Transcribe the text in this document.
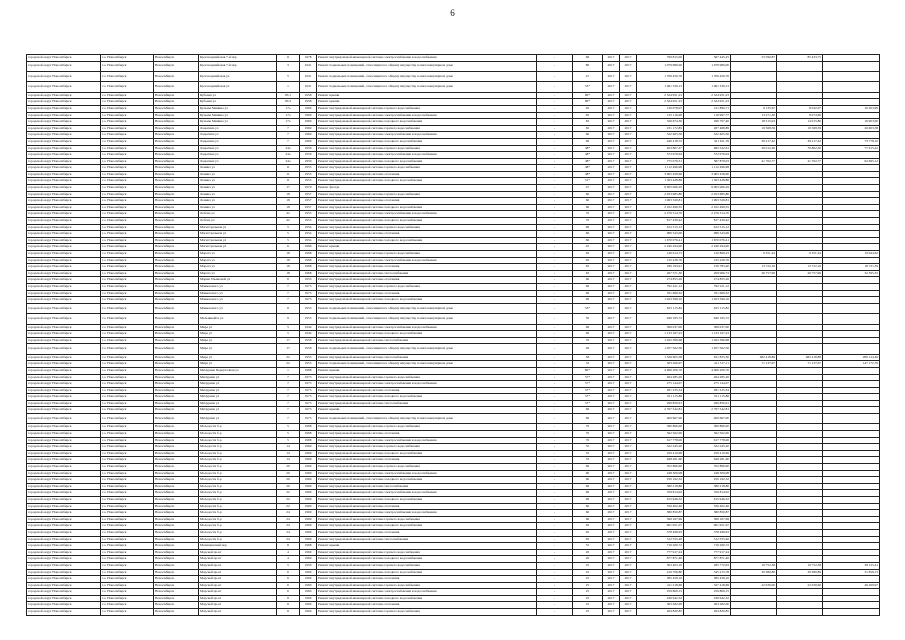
6
городской округ Новосибирск	г.о. Новосибирск	Новосибирск	Красноармейская 7-й пер	11	1978	Ремонт внутридомовой инженерной системы электроснабжения и водоснабжения	-	60	2017	2017	799 815,00	567 445,25	53 590,87	85 433,75	
городской округ Новосибирск	г.о. Новосибирск	Новосибирск	Красноармейская 7-й пер	3	1941	Ремонт подвальных помещений, относящихся к общему имуществу в многоквартирном доме	-	80	2017	2017	1 079 980,00	1 079 980,00			
городской округ Новосибирск	г.о. Новосибирск	Новосибирск	Красноармейская ул	5	1941	Ремонт подвальных помещений, относящихся к общему имуществу в многоквартирном доме	-	47	2017	2017	1 706 456,76	1 706 456,76			
городской округ Новосибирск	г.о. Новосибирск	Новосибирск	Красноармейская ул	1	1941	Ремонт подвальных помещений, относящихся к общему имуществу в многоквартирном доме	-	53*	2017	2017	1 061 339,13	1 061 339,13			
городской округ Новосибирск	г.о. Новосибирск	Новосибирск	Кубовая ул	95/1	1958	Ремонт крыши	-	80*	2017	2017	2 524 951,23	2 524 951,23			
городской округ Новосибирск	г.о. Новосибирск	Новосибирск	Кубовая ул	95/2	1958	Ремонт крыши	-	80*	2017	2017	2 524 951,23	2 524 951,23			
городской округ Новосибирск	г.о. Новосибирск	Новосибирск	Кузьмы Минина ул	17а	1960	Ремонт внутридомовой инженерной системы горячего водоснабжения	-	65	2017	2017	130 078,07	121 890,71	9 135,67	8 032,07	16 303,99
городской округ Новосибирск	г.о. Новосибирск	Новосибирск	Кузьмы Минина ул	17а	1960	Ремонт внутридомовой инженерной системы электроснабжения и водоснабжения	-	65	2017	2017	135 116,96	116 997,77	13 271,30	8 074,69	
городской округ Новосибирск	г.о. Новосибирск	Новосибирск	Кузьмы Минина ул	17а	1960	Ремонт внутридомовой инженерной системы холодного водоснабжения	-	65	2017	2017	326 674,30	296 707,40	18 515,04	14 915,80	16 903,00
городской округ Новосибирск	г.о. Новосибирск	Новосибирск	Ладыгина ул	7	1960	Ремонт внутридомовой инженерной системы горячего водоснабжения	-	65	2017	2017	231 172,85	207 468,89	19 568,59	19 568,59	26 603,38
городской округ Новосибирск	г.о. Новосибирск	Новосибирск	Ладыгина ул	7	1960	Ремонт внутридомовой инженерной системы электроснабжения и водоснабжения	-	60	2017	2017	522 405,56	522 405,56			
городской округ Новосибирск	г.о. Новосибирск	Новосибирск	Ладыгина ул	7	1960	Ремонт внутридомовой инженерной системы холодного водоснабжения	-	60	2017	2017	446 418,72	321 611,76	39 217,42	39 217,42	73 778,10
городской округ Новосибирск	г.о. Новосибирск	Новосибирск	Ладыгина ул	24а	1959	Ремонт внутридомовой инженерной системы горячего водоснабжения	-	48*	2017	2017	623 807,27	482 522,61	26 012,26	76 862,30	77 615,42
городской округ Новосибирск	г.о. Новосибирск	Новосибирск	Ладыгина ул	24а	1959	Ремонт внутридомовой инженерной системы электроснабжения и водоснабжения	-	48*	2017	2017	572 979,04	572 979,04			
городской округ Новосибирск	г.о. Новосибирск	Новосибирск	Ладыгина ул	24а	1959	Ремонт внутридомовой инженерной системы холодного водоснабжения	-	48*	2017	2017	775 079,31	587 879,03	41 762,77	41 762,77	62 695,12
городской округ Новосибирск	г.о. Новосибирск	Новосибирск	Ленина ул	11	1955	Ремонт внутридомовой инженерной системы горячего водоснабжения	-	48*	2017	2017	1 112 496,98	1 112 496,98			
городской округ Новосибирск	г.о. Новосибирск	Новосибирск	Ленина ул	11	1955	Ремонт внутридомовой инженерной системы отопления	-	48*	2017	2017	3 905 458,60	3 905 458,60			
городской округ Новосибирск	г.о. Новосибирск	Новосибирск	Ленина ул	11	1955	Ремонт внутридомовой инженерной системы холодного водоснабжения	-	51*	2017	2017	1 363 428,86	1 363 428,86			
городской округ Новосибирск	г.о. Новосибирск	Новосибирск	Ленина ул	17	1970	Ремонт фасада	-	47	2017	2017	9 005 066,29	9 005 066,29			
городской округ Новосибирск	г.о. Новосибирск	Новосибирск	Ленина ул	18	1957	Ремонт внутридомовой инженерной системы горячего водоснабжения	-	60	2017	2017	2 453 685,80	2 453 685,80			
городской округ Новосибирск	г.о. Новосибирск	Новосибирск	Ленина ул	18	1957	Ремонт внутридомовой инженерной системы отопления	-	60	2017	2017	1 963 529,81	1 963 529,81			
городской округ Новосибирск	г.о. Новосибирск	Новосибирск	Ленина ул	18	1957	Ремонт внутридомовой инженерной системы холодного водоснабжения	-	60	2017	2017	2 102 499,35	2 102 499,35			
городской округ Новосибирск	г.о. Новосибирск	Новосибирск	Лобова ул	42	1955	Ремонт внутридомовой инженерной системы электроснабжения и водоснабжения	-	70	2017	2017	2 276 314,70	2 276 314,70			
городской округ Новосибирск	г.о. Новосибирск	Новосибирск	Лобова ул	42	1955	Ремонт внутридомовой инженерной системы холодного водоснабжения	-	70	2017	2017	817 439,42	817 439,42			
городской округ Новосибирск	г.о. Новосибирск	Новосибирск	Магистральная ул	5	1954	Ремонт внутридомовой инженерной системы горячего водоснабжения	-	60	2017	2017	612 515,12	612 515,12			
городской округ Новосибирск	г.о. Новосибирск	Новосибирск	Магистральная ул	5	1954	Ремонт внутридомовой инженерной системы отопления	-	60	2017	2017	986 543,06	986 543,06			
городской округ Новосибирск	г.о. Новосибирск	Новосибирск	Магистральная ул	5	1954	Ремонт внутридомовой инженерной системы холодного водоснабжения	-	60	2017	2017	1 670 076,41	1 670 076,41			
городской округ Новосибирск	г.о. Новосибирск	Новосибирск	Магистральная ул	6	1966	Ремонт крыши	-	45	2017	2017	2 240 294,00	2 240 294,00			
городской округ Новосибирск	г.о. Новосибирск	Новосибирск	Марата ул	18	1968	Ремонт внутридомовой инженерной системы горячего водоснабжения	-	65	2017	2017	140 614,73	120 869,23	9 351,24	9 351,24	19 644,62
городской округ Новосибирск	г.о. Новосибирск	Новосибирск	Марата ул	18	1968	Ремонт внутридомовой инженерной системы электроснабжения и водоснабжения	-	65	2017	2017	145 226,76	145 226,76			
городской округ Новосибирск	г.о. Новосибирск	Новосибирск	Марата ул	18	1968	Ремонт внутридомовой инженерной системы отопления	-	65	2017	2017	186 193,91	156 783,40	13 722,16	13 722,16	18 731,39
городской округ Новосибирск	г.о. Новосибирск	Новосибирск	Марата ул	18	1968	Ремонт внутридомовой инженерной системы теплоснабжения	-	65	2017	2017	267 571,30	209 966,73	26 757,99	26 757,99	32 395,35
городской округ Новосибирск	г.о. Новосибирск	Новосибирск	Марии Ульяновой ул	6	1953	Ремонт внутридомовой инженерной системы отопления	-	60	2017	2017	274 855,26	274 855,26			
городской округ Новосибирск	г.о. Новосибирск	Новосибирск	Маяковского ул	7	1973	Ремонт внутридомовой инженерной системы горячего водоснабжения	-	60	2017	2017	792 221,12	792 221,12			
городской округ Новосибирск	г.о. Новосибирск	Новосибирск	Маяковского ул	7	1973	Ремонт внутридомовой инженерной системы отопления	-	60	2017	2017	761 669,32	761 669,32			
городской округ Новосибирск	г.о. Новосибирск	Новосибирск	Маяковского ул	7	1973	Ремонт внутридомовой инженерной системы холодного водоснабжения	-	60	2017	2017	1 023 599,16	1 023 599,16			
городской округ Новосибирск	г.о. Новосибирск	Новосибирск	Маяковского ул	8	1953	Ремонт подвальных помещений, относящихся к общему имуществу в многоквартирном доме	-	53*	2017	2017	815 115,82	815 115,82			
городской округ Новосибирск	г.о. Новосибирск	Новосибирск	Мельникайте ул	9	1955	Ремонт подвальных помещений, относящихся к общему имуществу в многоквартирном доме	-	50	2017	2017	940 165,72	940 165,72			
городской округ Новосибирск	г.о. Новосибирск	Новосибирск	Мира ул	5	1944	Ремонт внутридомовой инженерной системы электроснабжения и водоснабжения	-	60	2017	2017	569 037,00	569 037,00			
городской округ Новосибирск	г.о. Новосибирск	Новосибирск	Мира ул	5	1944	Ремонт внутридомовой инженерной системы холодного водоснабжения	-	60	2017	2017	1 133 167,23	1 133 167,23			
городской округ Новосибирск	г.о. Новосибирск	Новосибирск	Мира ул	17	1958	Ремонт внутридомовой инженерной системы теплоснабжения	-	70	2017	2017	1 022 396,68	1 022 396,68			
городской округ Новосибирск	г.о. Новосибирск	Новосибирск	Мира ул	17	1958	Ремонт подвальных помещений, относящихся к общему имуществу в многоквартирном доме	-	46	2017	2017	1 057 562,56	1 057 562,56			
городской округ Новосибирск	г.о. Новосибирск	Новосибирск	Мира ул	22	1955	Ремонт внутридомовой инженерной системы теплоснабжения	-	56	2017	2017	1 326 605,58	811 835,30	482 418,89	482 418,89	289 124,46
городской округ Новосибирск	г.о. Новосибирск	Новосибирск	Мира ул	22	1955	Ремонт подвальных помещений, относящихся к общему имуществу в многоквартирном доме	-	32	2017	2017	563 266,97	411 517,11	71 137,07	71 137,07	147 172,79
городской округ Новосибирск	г.о. Новосибирск	Новосибирск	Мичурина Переулочная ул	1	1968	Ремонт крыши	-	80*	2017	2017	4 966 206,76	4 966 206,76			
городской округ Новосибирск	г.о. Новосибирск	Новосибирск	Мичурина ул	7	1973	Ремонт внутридомовой инженерной системы горячего водоснабжения	-	57*	2017	2017	264 285,26	264 285,26			
городской округ Новосибирск	г.о. Новосибирск	Новосибирск	Мичурина ул	7	1973	Ремонт внутридомовой инженерной системы электроснабжения и водоснабжения	-	57*	2017	2017	275 144,07	275 144,07			
городской округ Новосибирск	г.о. Новосибирск	Новосибирск	Мичурина ул	7	1973	Ремонт внутридомовой инженерной системы отопления	-	57*	2017	2017	281 235,34	281 235,34			
городской округ Новосибирск	г.о. Новосибирск	Новосибирск	Мичурина ул	7	1973	Ремонт внутридомовой инженерной системы холодного водоснабжения	-	57*	2017	2017	551 115,86	551 115,86			
городской округ Новосибирск	г.о. Новосибирск	Новосибирск	Мичурина ул	7	1973	Ремонт внутридомовой инженерной системы теплоснабжения	-	57*	2017	2017	290 850,91	290 850,91			
городской округ Новосибирск	г.о. Новосибирск	Новосибирск	Мичурина ул	7	1973	Ремонт крыши	-	60	2017	2017	2 797 542,81	2 797 542,81			
городской округ Новосибирск	г.о. Новосибирск	Новосибирск	Мичурина ул	7	1973	Ремонт подвальных помещений, относящихся к общему имуществу в многоквартирном доме	-	60	2017	2017	400 667,00	400 667,00			
городской округ Новосибирск	г.о. Новосибирск	Новосибирск	Молодости б-р	5	1968	Ремонт внутридомовой инженерной системы горячего водоснабжения	-	70	2017	2017	390 866,00	390 866,00			
городской округ Новосибирск	г.о. Новосибирск	Новосибирск	Молодости б-р	5	1968	Ремонт внутридомовой инженерной системы отопления	-	70	2017	2017	592 562,00	592 562,00			
городской округ Новосибирск	г.о. Новосибирск	Новосибирск	Молодости б-р	5	1968	Ремонт внутридомовой инженерной системы электроснабжения и водоснабжения	-	70	2017	2017	617 778,00	617 778,00			
городской округ Новосибирск	г.о. Новосибирск	Новосибирск	Молодости б-р	14	1969	Ремонт внутридомовой инженерной системы горячего водоснабжения	-	55	2017	2017	322 245,20	322 245,20			
городской округ Новосибирск	г.о. Новосибирск	Новосибирск	Молодости б-р	14	1969	Ремонт внутридомовой инженерной системы холодного водоснабжения	-	55	2017	2017	256 410,96	256 410,96			
городской округ Новосибирск	г.о. Новосибирск	Новосибирск	Молодости б-р	14	1969	Ремонт внутридомовой инженерной системы отопления	-	55	2017	2017	648 281,60	648 281,60			
городской округ Новосибирск	г.о. Новосибирск	Новосибирск	Молодости б-р	20	1969	Ремонт внутридомовой инженерной системы горячего водоснабжения	-	60	2017	2017	702 866,90	702 866,90			
городской округ Новосибирск	г.о. Новосибирск	Новосибирск	Молодости б-р	20	1969	Ремонт внутридомовой инженерной системы электроснабжения и водоснабжения	-	60	2017	2017	248 309,08	248 309,08			
городской округ Новосибирск	г.о. Новосибирск	Новосибирск	Молодости б-р	20	1969	Ремонт внутридомовой инженерной системы холодного водоснабжения	-	60	2017	2017	250 192,32	250 192,32			
городской округ Новосибирск	г.о. Новосибирск	Новосибирск	Молодости б-р	20	1969	Ремонт внутридомовой инженерной системы теплоснабжения	-	60	2017	2017	380 218,80	380 218,80			
городской округ Новосибирск	г.о. Новосибирск	Новосибирск	Молодости б-р	22	1969	Ремонт внутридомовой инженерной системы электроснабжения и водоснабжения	-	60	2017	2017	359 814,02	359 814,02			
городской округ Новосибирск	г.о. Новосибирск	Новосибирск	Молодости б-р	22	1969	Ремонт внутридомовой инженерной системы холодного водоснабжения	-	60	2017	2017	615 946,32	615 946,32			
городской округ Новосибирск	г.о. Новосибирск	Новосибирск	Молодости б-р	22	1969	Ремонт внутридомовой инженерной системы отопления	-	60	2017	2017	356 402,46	356 402,46			
городской округ Новосибирск	г.о. Новосибирск	Новосибирск	Молодости б-р	24	1969	Ремонт внутридомовой инженерной системы электроснабжения и водоснабжения	-	60	2017	2017	380 850,87	380 850,87			
городской округ Новосибирск	г.о. Новосибирск	Новосибирск	Молодости б-р	24	1969	Ремонт внутридомовой инженерной системы горячего водоснабжения	-	60	2017	2017	599 167,69	599 167,69			
городской округ Новосибирск	г.о. Новосибирск	Новосибирск	Молодости б-р	24	1969	Ремонт внутридомовой инженерной системы холодного водоснабжения	-	65	2017	2017	961 951,07	961 951,07			
городской округ Новосибирск	г.о. Новосибирск	Новосибирск	Молодости б-р	24	1969	Ремонт внутридомовой инженерной системы отопления	-	65	2017	2017	378 498,63	378 498,63			
городской округ Новосибирск	г.о. Новосибирск	Новосибирск	Молодости б-р	24	1969	Ремонт внутридомовой инженерной системы теплоснабжения	-	65	2017	2017	312 555,46	312 555,46			
городской округ Новосибирск	г.о. Новосибирск	Новосибирск	Мочищенский пер	8	1968	Ремонт крыши	-	55	2017	2017	716 260,72	716 260,72			
городской округ Новосибирск	г.о. Новосибирск	Новосибирск	Морской пр-кт	4	1960	Ремонт внутридомовой инженерной системы горячего водоснабжения	-	20	2017	2017	777 917,24	777 917,24			
городской округ Новосибирск	г.о. Новосибирск	Новосибирск	Морской пр-кт	4	1960	Ремонт внутридомовой инженерной системы холодного водоснабжения	-	20	2017	2017	877 871,46	877 871,46			
городской округ Новосибирск	г.о. Новосибирск	Новосибирск	Морской пр-кт	5	1959	Ремонт внутридомовой инженерной системы горячего водоснабжения	-	25	2017	2017	363 403,10	285 772,93	19 752,38	19 752,38	38 125,41
городской округ Новосибирск	г.о. Новосибирск	Новосибирск	Морской пр-кт	6	1960	Ремонт внутридомовой инженерной системы холодного водоснабжения	-	25	2017	2017	416 706,80	345 215,78	39 380,89	39 380,89	31 858,13
городской округ Новосибирск	г.о. Новосибирск	Новосибирск	Морской пр-кт	6	1960	Ремонт внутридомовой инженерной системы отопления	-	25	2017	2017	385 458,16	385 458,16			
городской округ Новосибирск	г.о. Новосибирск	Новосибирск	Морской пр-кт	6	1960	Ремонт внутридомовой инженерной системы горячего водоснабжения	-	25	2017	2017	411 218,69	327 418,69	22 030,00	22 030,00	46 269,97
городской округ Новосибирск	г.о. Новосибирск	Новосибирск	Морской пр-кт	6	1960	Ремонт внутридомовой инженерной системы электроснабжения и водоснабжения	-	25	2017	2017	259 809,15	259 809,15			
городской округ Новосибирск	г.о. Новосибирск	Новосибирск	Морской пр-кт	8	1960	Ремонт внутридомовой инженерной системы холодного водоснабжения	-	25	2017	2017	436 942,32	436 942,32			
городской округ Новосибирск	г.о. Новосибирск	Новосибирск	Морской пр-кт	8	1960	Ремонт внутридомовой инженерной системы отопления	-	25	2017	2017	363 282,00	363 282,00			
городской округ Новосибирск	г.о. Новосибирск	Новосибирск	Морской пр-кт	8	1960	Ремонт внутридомовой инженерной системы горячего водоснабжения	-	25	2017	2017	264 820,85	264 820,85			
